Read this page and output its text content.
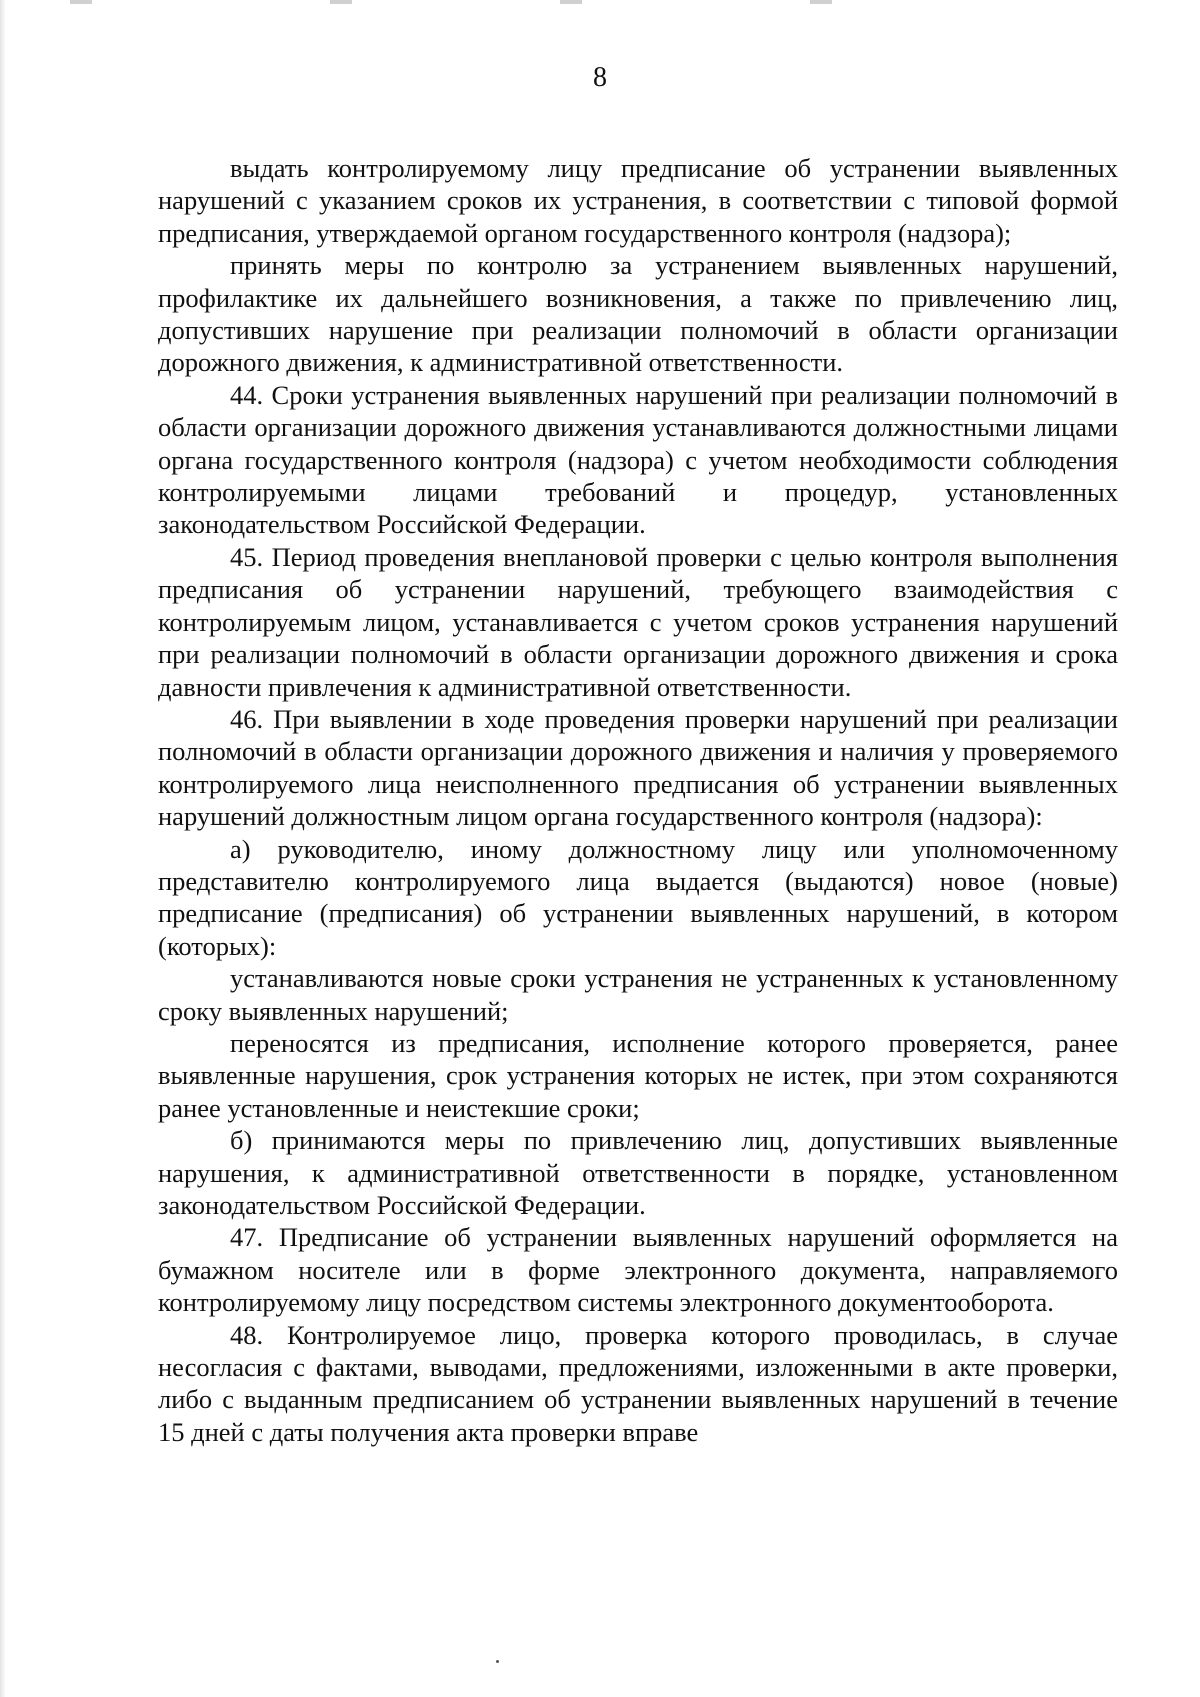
8

выдать контролируемому лицу предписание об устранении выявленных нарушений с указанием сроков их устранения, в соответствии с типовой формой предписания, утверждаемой органом государственного контроля (надзора);

принять меры по контролю за устранением выявленных нарушений, профилактике их дальнейшего возникновения, а также по привлечению лиц, допустивших нарушение при реализации полномочий в области организации дорожного движения, к административной ответственности.

44. Сроки устранения выявленных нарушений при реализации полномочий в области организации дорожного движения устанавливаются должностными лицами органа государственного контроля (надзора) с учетом необходимости соблюдения контролируемыми лицами требований и процедур, установленных законодательством Российской Федерации.

45. Период проведения внеплановой проверки с целью контроля выполнения предписания об устранении нарушений, требующего взаимодействия с контролируемым лицом, устанавливается с учетом сроков устранения нарушений при реализации полномочий в области организации дорожного движения и срока давности привлечения к административной ответственности.

46. При выявлении в ходе проведения проверки нарушений при реализации полномочий в области организации дорожного движения и наличия у проверяемого контролируемого лица неисполненного предписания об устранении выявленных нарушений должностным лицом органа государственного контроля (надзора):

а) руководителю, иному должностному лицу или уполномоченному представителю контролируемого лица выдается (выдаются) новое (новые) предписание (предписания) об устранении выявленных нарушений, в котором (которых):

устанавливаются новые сроки устранения не устраненных к установленному сроку выявленных нарушений;

переносятся из предписания, исполнение которого проверяется, ранее выявленные нарушения, срок устранения которых не истек, при этом сохраняются ранее установленные и неистекшие сроки;

б) принимаются меры по привлечению лиц, допустивших выявленные нарушения, к административной ответственности в порядке, установленном законодательством Российской Федерации.

47. Предписание об устранении выявленных нарушений оформляется на бумажном носителе или в форме электронного документа, направляемого контролируемому лицу посредством системы электронного документооборота.

48. Контролируемое лицо, проверка которого проводилась, в случае несогласия с фактами, выводами, предложениями, изложенными в акте проверки, либо с выданным предписанием об устранении выявленных нарушений в течение 15 дней с даты получения акта проверки вправе
